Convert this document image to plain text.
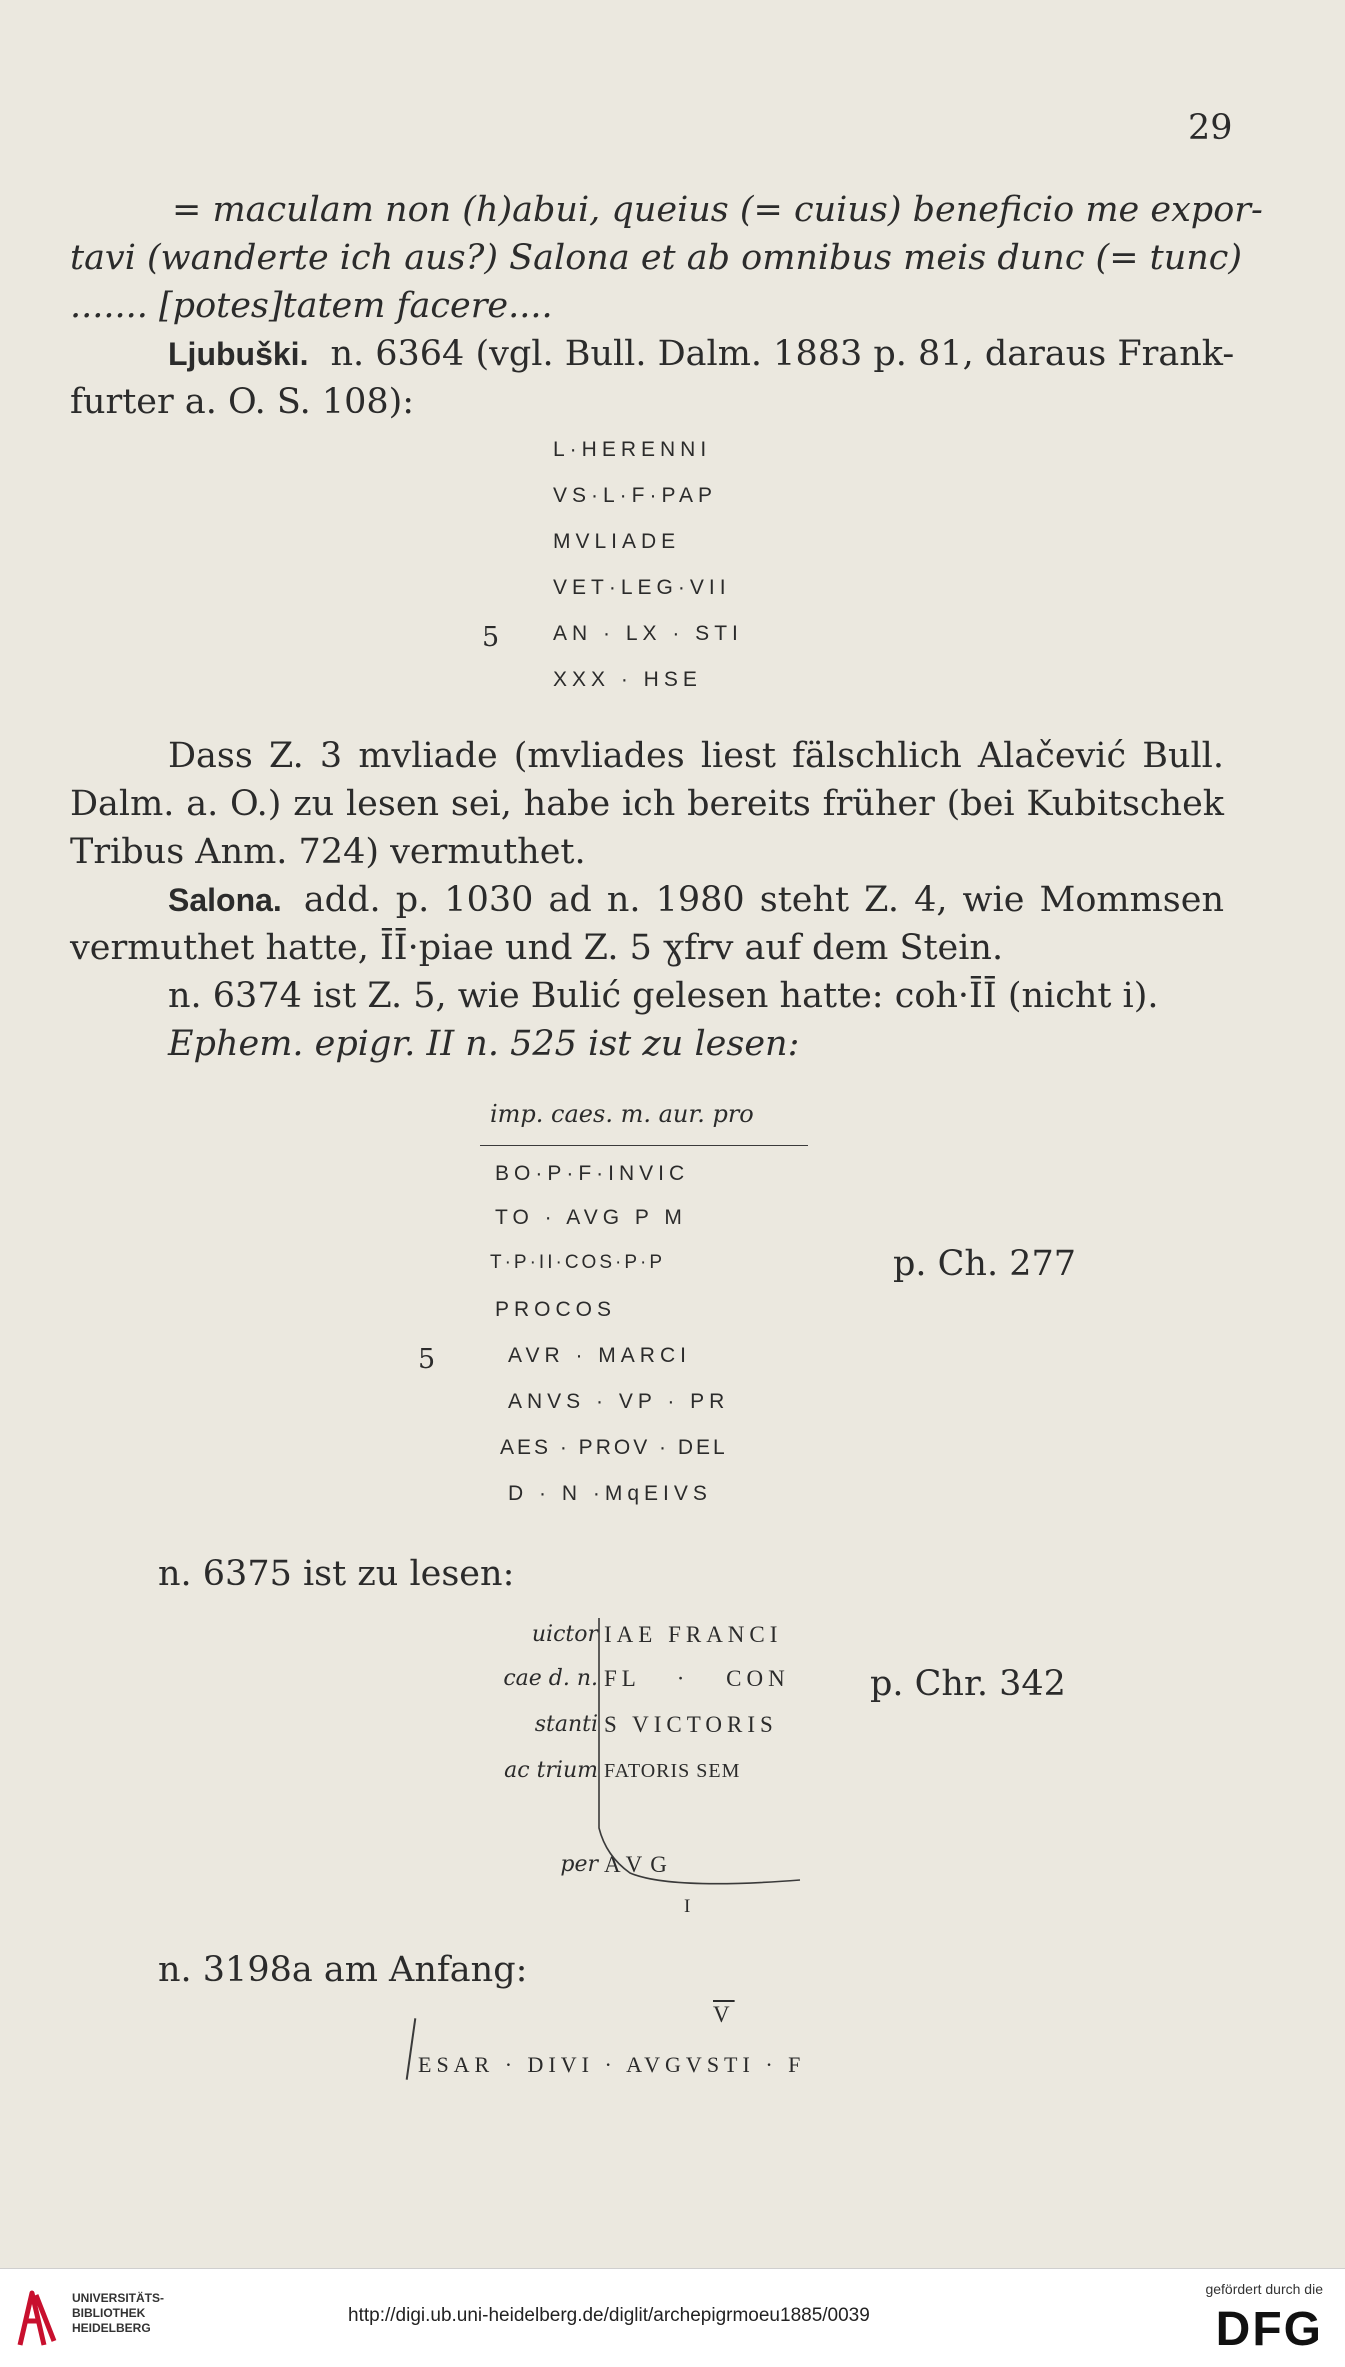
29
= maculam non (h)abui, queius (= cuius) beneficio me expor-
tavi (wanderte ich aus?) Salona et ab omnibus meis dunc (= tunc)
....... [potes]tatem facere....
Ljubuški. n. 6364 (vgl. Bull. Dalm. 1883 p. 81, daraus Frank-
furter a. O. S. 108):
L·HERENNI
VS·L·F·PAP
MVLIADE
VET·LEG·VII
5	AN · LX · STI
XXX · HSE
Dass Z. 3 mvliade (mvliades liest fälschlich Alačević Bull.
Dalm. a. O.) zu lesen sei, habe ich bereits früher (bei Kubitschek
Tribus Anm. 724) vermuthet.
Salona. add. p. 1030 ad n. 1980 steht Z. 4, wie Mommsen
vermuthet hatte, ĪĪ·piae und Z. 5 ɣfrv auf dem Stein.
n. 6374 ist Z. 5, wie Bulić gelesen hatte: coh·ĪĪ (nicht i).
Ephem. epigr. II n. 525 ist zu lesen:
imp. caes. m. aur. pro
BO·P·F·INVIC
TO · AVG P M
T·P·II·COS·P·P	p. Ch. 277
PROCOS
5	AVR · MARCI
ANVS · VP · PR
AES · PROV · DEL
D · N ·MqEIVS
n. 6375 ist zu lesen:
uictor IAE FRANCI
cae d. n. FL · CON p. Chr. 342
stanti S VICTORIS
ac trium FATORIS SEM
per AVG
I
n. 3198a am Anfang:
$\overline{V}$
ESAR · DIVI · AVGVSTI · F
UNIVERSITÄTS-
BIBLIOTHEK
HEIDELBERG
http://digi.ub.uni-heidelberg.de/diglit/archepigrmoeu1885/0039
gefördert durch die
DFG
